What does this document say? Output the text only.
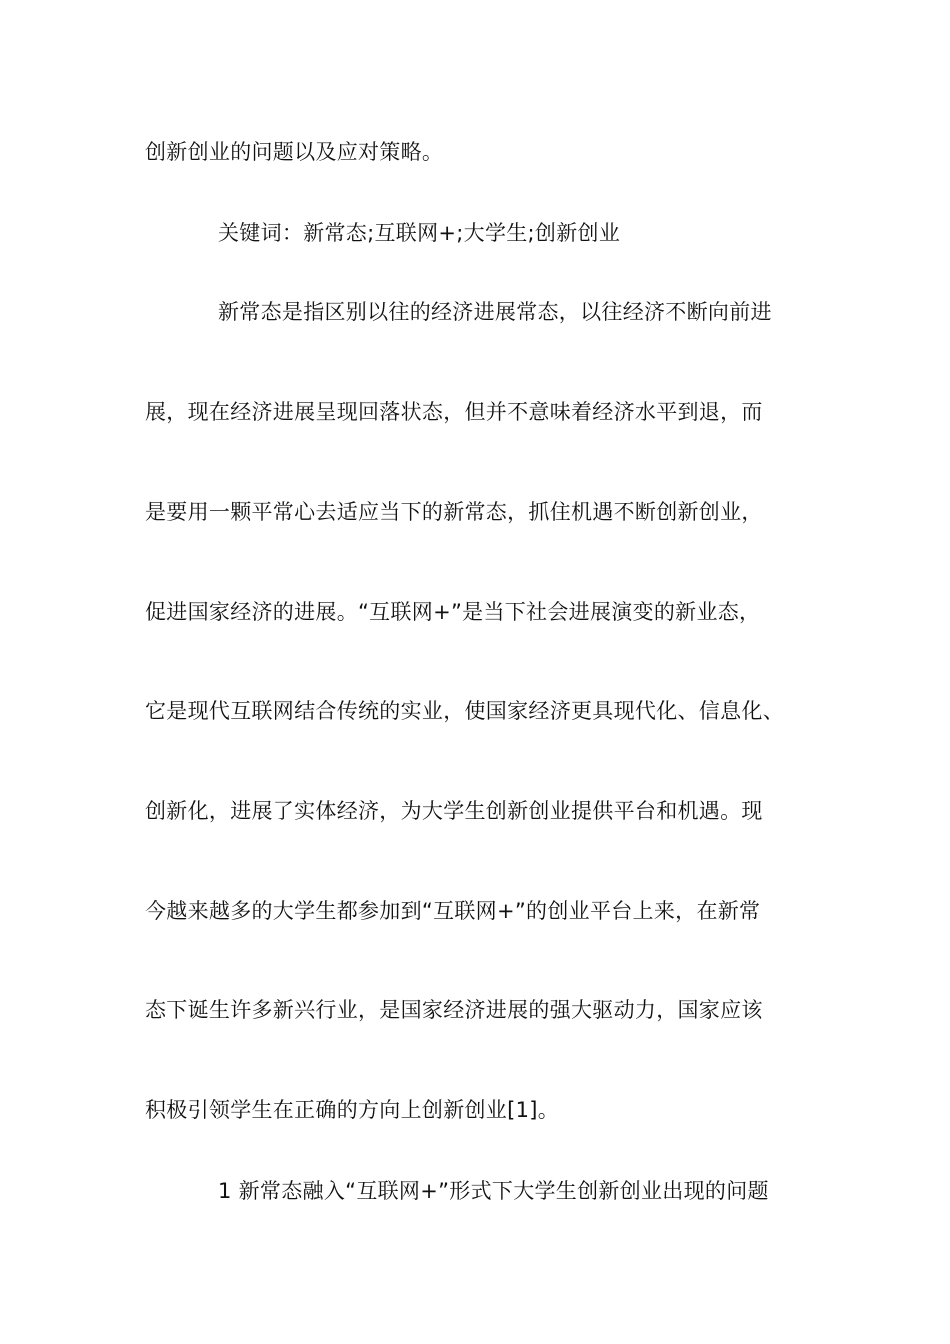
创新创业的问题以及应对策略。
关键词：新常态;互联网+;大学生;创新创业
新常态是指区别以往的经济进展常态，以往经济不断向前进
展，现在经济进展呈现回落状态，但并不意味着经济水平到退，而
是要用一颗平常心去适应当下的新常态，抓住机遇不断创新创业，
促进国家经济的进展。“互联网+”是当下社会进展演变的新业态，
它是现代互联网结合传统的实业，使国家经济更具现代化、信息化、
创新化，进展了实体经济，为大学生创新创业提供平台和机遇。现
今越来越多的大学生都参加到“互联网+”的创业平台上来，在新常
态下诞生许多新兴行业，是国家经济进展的强大驱动力，国家应该
积极引领学生在正确的方向上创新创业[1]。
1 新常态融入“互联网+”形式下大学生创新创业出现的问题
